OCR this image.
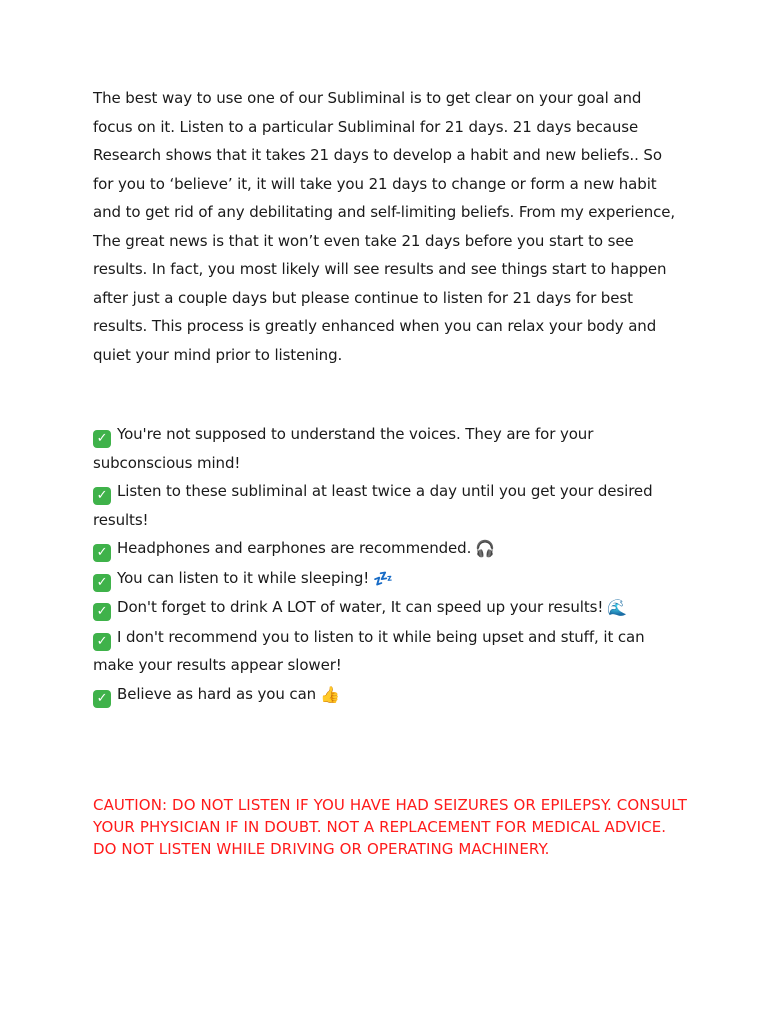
The best way to use one of our Subliminal is to get clear on your goal and focus on it. Listen to a particular Subliminal for 21 days. 21 days because Research shows that it takes 21 days to develop a habit and new beliefs.. So for you to ‘believe’ it, it will take you 21 days to change or form a new habit and to get rid of any debilitating and self-limiting beliefs. From my experience, The great news is that it won’t even take 21 days before you start to see results. In fact, you most likely will see results and see things start to happen after just a couple days but please continue to listen for 21 days for best results. This process is greatly enhanced when you can relax your body and quiet your mind prior to listening.

✓ You're not supposed to understand the voices. They are for your subconscious mind!
✓ Listen to these subliminal at least twice a day until you get your desired results!
✓ Headphones and earphones are recommended. 🎧
✓ You can listen to it while sleeping! 💤
✓ Don't forget to drink A LOT of water, It can speed up your results! 🌊
✓ I don't recommend you to listen to it while being upset and stuff, it can make your results appear slower!
✓ Believe as hard as you can 👍

CAUTION: DO NOT LISTEN IF YOU HAVE HAD SEIZURES OR EPILEPSY. CONSULT YOUR PHYSICIAN IF IN DOUBT. NOT A REPLACEMENT FOR MEDICAL ADVICE. DO NOT LISTEN WHILE DRIVING OR OPERATING MACHINERY.
